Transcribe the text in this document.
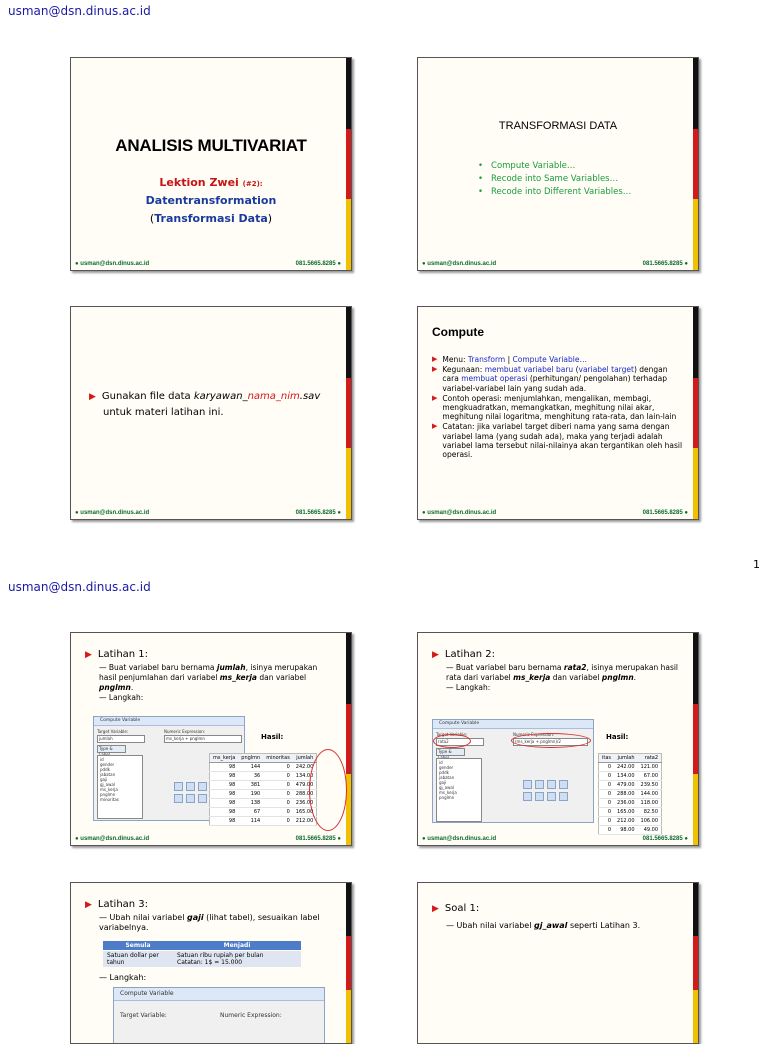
usman@dsn.dinus.ac.id
1
usman@dsn.dinus.ac.id
ANALISIS MULTIVARIAT
Lektion Zwei (#2):
Datentransformation
(Transformasi Data)
● usman@dsn.dinus.ac.id	081.5665.8285 ●
TRANSFORMASI DATA
• Compute Variable…
• Recode into Same Variables…
• Recode into Different Variables…
● usman@dsn.dinus.ac.id	081.5665.8285 ●
▶ Gunakan file data karyawan_nama_nim.sav
untuk materi latihan ini.
● usman@dsn.dinus.ac.id	081.5665.8285 ●
Compute
▶ Menu: Transform | Compute Variable…
▶ Kegunaan: membuat variabel baru (variabel target) dengan cara membuat operasi (perhitungan/ pengolahan) terhadap variabel-variabel lain yang sudah ada.
▶ Contoh operasi: menjumlahkan, mengalikan, membagi, mengkuadratkan, memangkatkan, meghitung nilai akar, meghitung nilai logaritma, menghitung rata-rata, dan lain-lain
▶ Catatan: jika variabel target diberi nama yang sama dengan variabel lama (yang sudah ada), maka yang terjadi adalah variabel lama tersebut nilai-nilainya akan tergantikan oleh hasil operasi.
● usman@dsn.dinus.ac.id	081.5665.8285 ●
▶ Latihan 1:
— Buat variabel baru bernama jumlah, isinya merupakan hasil penjumlahan dari variabel ms_kerja dan variabel pnglmn.
— Langkah:
Compute Variable
Target Variable:
jumlah
Numeric Expression:
ms_kerja + pnglmn
Type &
id
gender
pddk
jabatan
gaji
gj_awal
ms_kerja
pnglmn
minoritas
Hasil:
ms_kerja	pnglmn	minoritas	jumlah
98	144	0	242.00
98	36	0	134.00
98	381	0	479.00
98	190	0	288.00
98	138	0	236.00
98	67	0	165.00
98	114	0	212.00
● usman@dsn.dinus.ac.id	081.5665.8285 ●
▶ Latihan 2:
— Buat variabel baru bernama rata2, isinya merupakan hasil rata dari variabel ms_kerja dan variabel pnglmn.
— Langkah:
Compute Variable
Target Variable:
rata2
Numeric Expression:
(ms_kerja + pnglmn)/2
Type &
id
gender
pddk
jabatan
gaji
gj_awal
ms_kerja
pnglmn
Hasil:
itas	jumlah	rata2
0	242.00	121.00
0	134.00	67.00
0	479.00	239.50
0	288.00	144.00
0	236.00	118.00
0	165.00	82.50
0	212.00	106.00
0	98.00	49.00
● usman@dsn.dinus.ac.id	081.5665.8285 ●
▶ Latihan 3:
— Ubah nilai variabel gaji (lihat tabel), sesuaikan label variabelnya.
Semula	Menjadi
Satuan dollar per tahun	Satuan ribu rupiah per bulan
Catatan: 1$ = 15.000
— Langkah:
Compute Variable
Target Variable:	Numeric Expression:
▶ Soal 1:
— Ubah nilai variabel gj_awal seperti Latihan 3.
